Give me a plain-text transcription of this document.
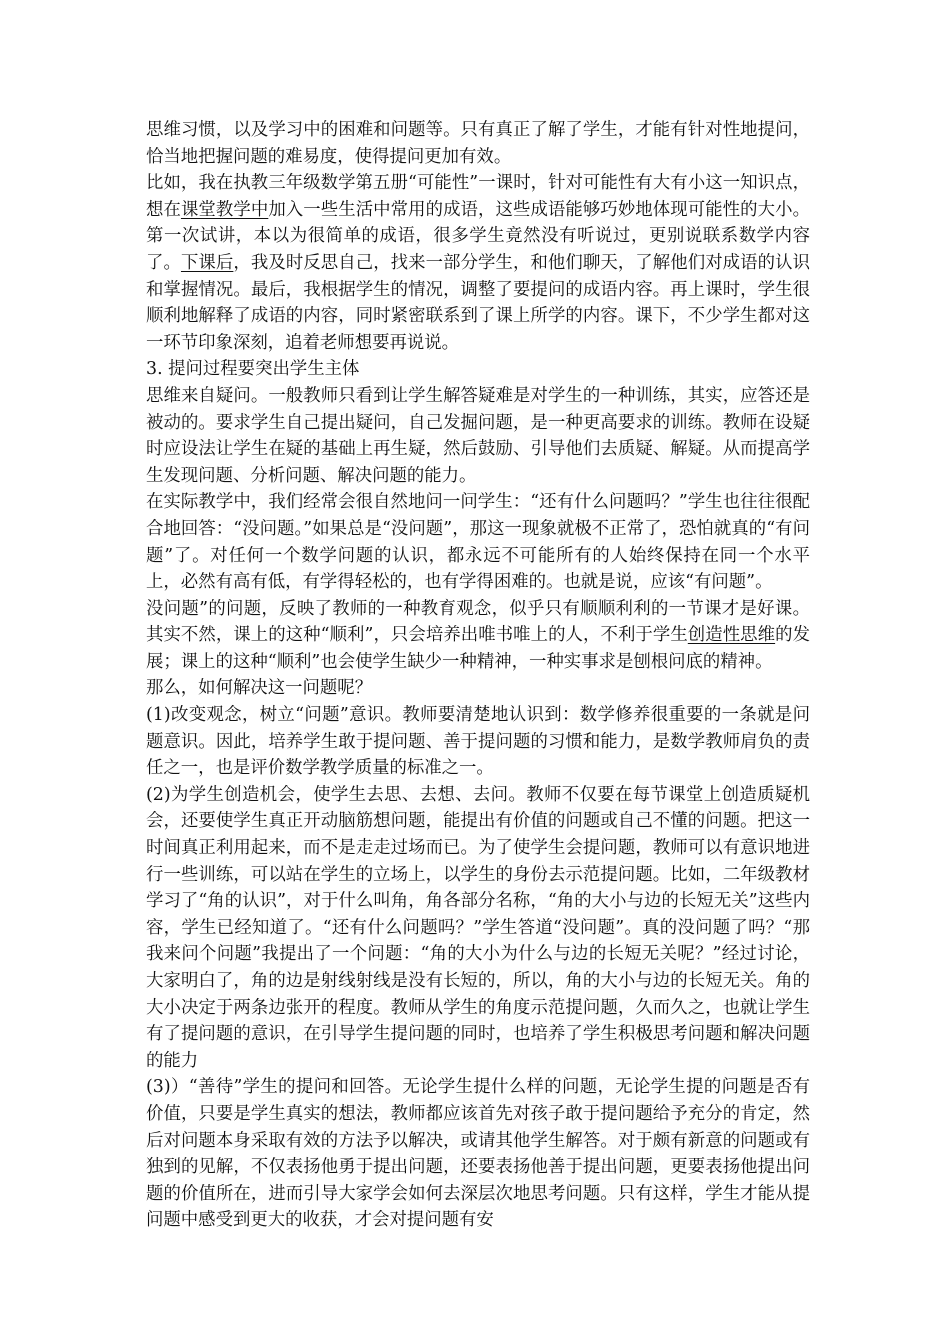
思维习惯，以及学习中的困难和问题等。只有真正了解了学生，才能有针对性地提问，恰当地把握问题的难易度，使得提问更加有效。

比如，我在执教三年级数学第五册“可能性”一课时，针对可能性有大有小这一知识点，想在课堂教学中加入一些生活中常用的成语，这些成语能够巧妙地体现可能性的大小。第一次试讲，本以为很简单的成语，很多学生竟然没有听说过，更别说联系数学内容了。下课后，我及时反思自己，找来一部分学生，和他们聊天，了解他们对成语的认识和掌握情况。最后，我根据学生的情况，调整了要提问的成语内容。再上课时，学生很顺利地解释了成语的内容，同时紧密联系到了课上所学的内容。课下，不少学生都对这一环节印象深刻，追着老师想要再说说。

3. 提问过程要突出学生主体

思维来自疑问。一般教师只看到让学生解答疑难是对学生的一种训练，其实，应答还是被动的。要求学生自己提出疑问，自己发掘问题，是一种更高要求的训练。教师在设疑时应设法让学生在疑的基础上再生疑，然后鼓励、引导他们去质疑、解疑。从而提高学生发现问题、分析问题、解决问题的能力。

在实际教学中，我们经常会很自然地问一问学生：“还有什么问题吗？”学生也往往很配合地回答：“没问题。”如果总是“没问题”，那这一现象就极不正常了，恐怕就真的“有问题”了。对任何一个数学问题的认识，都永远不可能所有的人始终保持在同一个水平上，必然有高有低，有学得轻松的，也有学得困难的。也就是说，应该“有问题”。

没问题”的问题，反映了教师的一种教育观念，似乎只有顺顺利利的一节课才是好课。其实不然，课上的这种“顺利”，只会培养出唯书唯上的人，不利于学生创造性思维的发展；课上的这种“顺利”也会使学生缺少一种精神，一种实事求是刨根问底的精神。

那么，如何解决这一问题呢？

(1)改变观念，树立“问题”意识。教师要清楚地认识到：数学修养很重要的一条就是问题意识。因此，培养学生敢于提问题、善于提问题的习惯和能力，是数学教师肩负的责任之一，也是评价数学教学质量的标准之一。

(2)为学生创造机会，使学生去思、去想、去问。教师不仅要在每节课堂上创造质疑机会，还要使学生真正开动脑筋想问题，能提出有价值的问题或自己不懂的问题。把这一时间真正利用起来，而不是走走过场而已。为了使学生会提问题，教师可以有意识地进行一些训练，可以站在学生的立场上，以学生的身份去示范提问题。比如，二年级教材学习了“角的认识”，对于什么叫角，角各部分名称，“角的大小与边的长短无关”这些内容，学生已经知道了。“还有什么问题吗？”学生答道“没问题”。真的没问题了吗？“那我来问个问题”我提出了一个问题：“角的大小为什么与边的长短无关呢？”经过讨论，大家明白了，角的边是射线射线是没有长短的，所以，角的大小与边的长短无关。角的大小决定于两条边张开的程度。教师从学生的角度示范提问题，久而久之，也就让学生有了提问题的意识，在引导学生提问题的同时，也培养了学生积极思考问题和解决问题的能力

(3)）“善待”学生的提问和回答。无论学生提什么样的问题，无论学生提的问题是否有价值，只要是学生真实的想法，教师都应该首先对孩子敢于提问题给予充分的肯定，然后对问题本身采取有效的方法予以解决，或请其他学生解答。对于颇有新意的问题或有独到的见解，不仅表扬他勇于提出问题，还要表扬他善于提出问题，更要表扬他提出问题的价值所在，进而引导大家学会如何去深层次地思考问题。只有这样，学生才能从提问题中感受到更大的收获，才会对提问题有安
